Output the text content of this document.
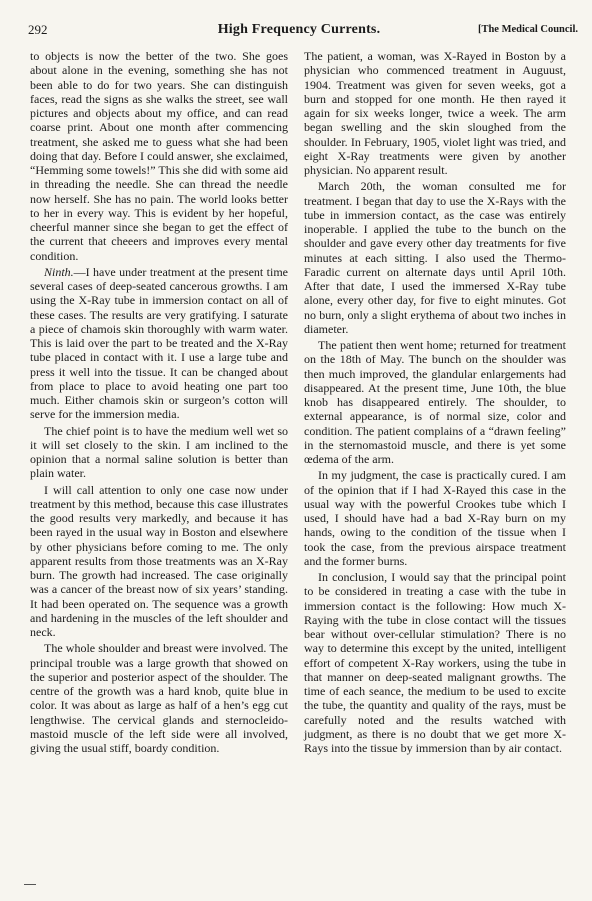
292	High Frequency Currents.	[The Medical Council.

to objects is now the better of the two. She goes about alone in the evening, something she has not been able to do for two years. She can distinguish faces, read the signs as she walks the street, see wall pictures and objects about my office, and can read coarse print. About one month after commencing treatment, she asked me to guess what she had been doing that day. Before I could answer, she exclaimed, “Hemming some towels!” This she did with some aid in threading the needle. She can thread the needle now herself. She has no pain. The world looks better to her in every way. This is evident by her hopeful, cheerful manner since she began to get the effect of the current that cheeers and improves every mental condition.

Ninth.—I have under treatment at the present time several cases of deep-seated cancerous growths. I am using the X-Ray tube in immersion contact on all of these cases. The results are very gratifying. I saturate a piece of chamois skin thoroughly with warm water. This is laid over the part to be treated and the X-Ray tube placed in contact with it. I use a large tube and press it well into the tissue. It can be changed about from place to place to avoid heating one part too much. Either chamois skin or surgeon’s cotton will serve for the immersion media.

The chief point is to have the medium well wet so it will set closely to the skin. I am inclined to the opinion that a normal saline solution is better than plain water.

I will call attention to only one case now under treatment by this method, because this case illustrates the good results very markedly, and because it has been rayed in the usual way in Boston and elsewhere by other physicians before coming to me. The only apparent results from those treatments was an X-Ray burn. The growth had increased. The case originally was a cancer of the breast now of six years’ standing. It had been operated on. The sequence was a growth and hardening in the muscles of the left shoulder and neck.

The whole shoulder and breast were involved. The principal trouble was a large growth that showed on the superior and posterior aspect of the shoulder. The centre of the growth was a hard knob, quite blue in color. It was about as large as half of a hen’s egg cut lengthwise. The cervical glands and sternocleido-mastoid muscle of the left side were all involved, giving the usual stiff, boardy condition.

The patient, a woman, was X-Rayed in Boston by a physician who commenced treatment in Auguust, 1904. Treatment was given for seven weeks, got a burn and stopped for one month. He then rayed it again for six weeks longer, twice a week. The arm began swelling and the skin sloughed from the shoulder. In February, 1905, violet light was tried, and eight X-Ray treatments were given by another physician. No apparent result.

March 20th, the woman consulted me for treatment. I began that day to use the X-Rays with the tube in immersion contact, as the case was entirely inoperable. I applied the tube to the bunch on the shoulder and gave every other day treatments for five minutes at each sitting. I also used the Thermo-Faradic current on alternate days until April 10th. After that date, I used the immersed X-Ray tube alone, every other day, for five to eight minutes. Got no burn, only a slight erythema of about two inches in diameter.

The patient then went home; returned for treatment on the 18th of May. The bunch on the shoulder was then much improved, the glandular enlargements had disappeared. At the present time, June 10th, the blue knob has disappeared entirely. The shoulder, to external appearance, is of normal size, color and condition. The patient complains of a “drawn feeling” in the sternomastoid muscle, and there is yet some œdema of the arm.

In my judgment, the case is practically cured. I am of the opinion that if I had X-Rayed this case in the usual way with the powerful Crookes tube which I used, I should have had a bad X-Ray burn on my hands, owing to the condition of the tissue when I took the case, from the previous airspace treatment and the former burns.

In conclusion, I would say that the principal point to be considered in treating a case with the tube in immersion contact is the following: How much X-Raying with the tube in close contact will the tissues bear without over-cellular stimulation? There is no way to determine this except by the united, intelligent effort of competent X-Ray workers, using the tube in that manner on deep-seated malignant growths. The time of each seance, the medium to be used to excite the tube, the quantity and quality of the rays, must be carefully noted and the results watched with judgment, as there is no doubt that we get more X-Rays into the tissue by immersion than by air contact.
